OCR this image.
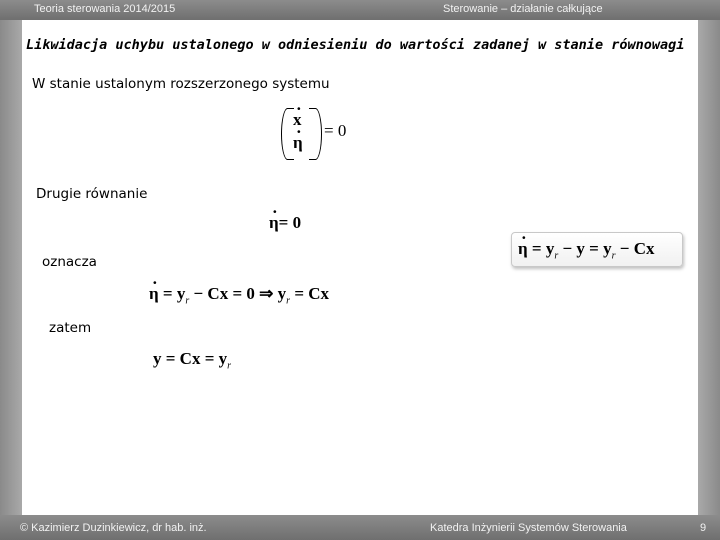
Teoria sterowania 2014/2015	Sterowanie – działanie całkujące
Likwidacja uchybu ustalonego w odniesieniu do wartości zadanej w stanie równowagi
W stanie ustalonym rozszerzonego systemu
· x
· η
= 0
Drugie równanie
· η= 0
· $\eta = y_r - y = y_r - Cx$
oznacza
· $\eta = y_r - Cx = 0$ ⇒ $y_r = Cx$
zatem
$y = Cx = y_r$
© Kazimierz Duzinkiewicz, dr hab. inż.	Katedra Inżynierii Systemów Sterowania	9
